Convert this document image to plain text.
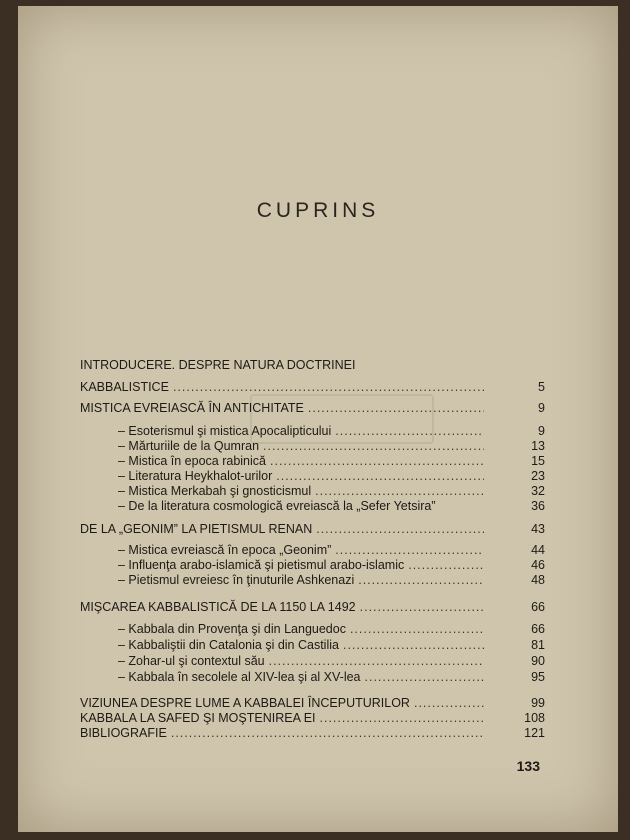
CUPRINS
INTRODUCERE. DESPRE NATURA DOCTRINEI
KABBALISTICE .....	5
MISTICA EVREIASCĂ ÎN ANTICHITATE .....	9
– Esoterismul şi mistica Apocalipticului .....	9
– Mărturiile de la Qumran .....	13
– Mistica în epoca rabinică .....	15
– Literatura Heykhalot-urilor .....	23
– Mistica Merkabah şi gnosticismul .....	32
– De la literatura cosmologică evreiască la „Sefer Yetsira”	36
DE LA „GEONIM” LA PIETISMUL RENAN .....	43
– Mistica evreiască în epoca „Geonim” .....	44
– Influenţa arabo-islamică şi pietismul arabo-islamic .....	46
– Pietismul evreiesc în ţinuturile Ashkenazi .....	48
MIŞCAREA KABBALISTICĂ DE LA 1150 LA 1492 .....	66
– Kabbala din Provenţa şi din Languedoc .....	66
– Kabbaliştii din Catalonia şi din Castilia .....	81
– Zohar-ul şi contextul său .....	90
– Kabbala în secolele al XIV-lea şi al XV-lea .....	95
VIZIUNEA DESPRE LUME A KABBALEI ÎNCEPUTURILOR .....	99
KABBALA LA SAFED ŞI MOŞTENIREA EI .....	108
BIBLIOGRAFIE .....	121
133
